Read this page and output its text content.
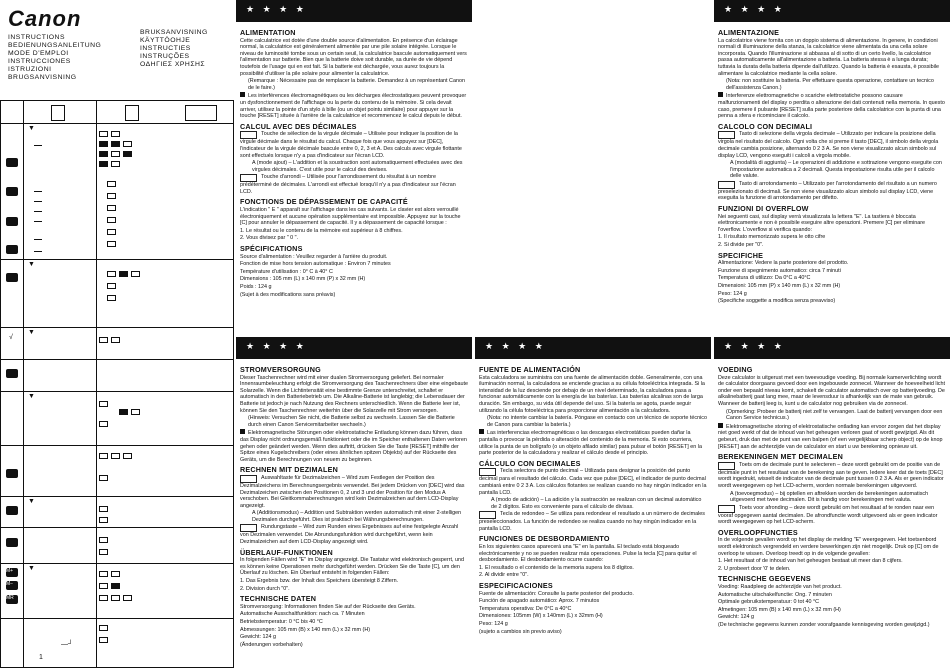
Canon
INSTRUCTIONS
BEDIENUNGSANLEITUNG
MODE D'EMPLOI
INSTRUCCIONES
ISTRUZIONI
BRUGSANVISNING
BRUKSANVISNING
KÄYTTÖOHJE
INSTRUCTIES
INSTRUÇÕES
ΟΔΗΓΙΕΣ ΧΡΗΣΗΣ
√
▼
▼
▼
▼
▼
▼
—┘
1
★ ★ ★ ★
ALIMENTATION

Cette calculatrice est dotée d'une double source d'alimentation. En présence d'un éclairage normal, la calculatrice est généralement alimentée par une pile solaire intégrée. Lorsque le niveau de luminosité tombe sous un certain seuil, la calculatrice bascule automatiquement vers l'alimentation sur batterie. Bien que la batterie doive soit durable, sa durée de vie dépend toutefois de l'usage qui en est fait. Si la batterie est déchargée, vous aurez toujours la possibilité d'utiliser la pile solaire pour alimenter la calculatrice.

(Remarque : Nécessaire pas de remplacer la batterie. Demandez à un représentant Canon de le faire.)

Les interférences électromagnétiques ou les décharges électrostatiques peuvent provoquer un dysfonctionnement de l'affichage ou la perte du contenu de la mémoire. Si cela devait arriver, utilisez la pointe d'un stylo à bille (ou un objet pointu similaire) pour appuyer sur la touche [RESET] située à l'arrière de la calculatrice et recommencez le calcul depuis le début.

CALCUL AVEC DES DÉCIMALES

Touche de sélection de la virgule décimale – Utilisée pour indiquer la position de la virgule décimale dans le résultat du calcul. Chaque fois que vous appuyez sur [DEC], l'indicateur de la virgule décimale bascule entre 0, 2, 3 et A. Des calculs avec virgule flottante sont effectués lorsque n'y a pas d'indicateur sur l'écran LCD.

A (mode ajout) – L'addition et la soustraction sont automatiquement effectuées avec des virgules décimales. C'est utile pour le calcul des devises.

Touche d'arrondi – Utilisée pour l'arrondissement du résultat à un nombre prédéterminé de décimales. L'arrondi est effectué lorsqu'il n'y a pas d'indicateur sur l'écran LCD.

FONCTIONS DE DÉPASSEMENT DE CAPACITÉ

L'indication " E " apparaît sur l'affichage dans les cas suivants. Le clavier est alors verrouillé électroniquement et aucune opération supplémentaire est impossible. Appuyez sur la touche [C] pour annuler le dépassement de capacité. Il y a dépassement de capacité lorsque :

1. Le résultat ou le contenu de la mémoire est supérieur à 8 chiffres.

2. Vous divisez par " 0 ".

SPÉCIFICATIONS

Source d'alimentation : Veuillez regarder à l'arrière du produit.

Fonction de mise hors tension automatique : Environ 7 minutes

Température d'utilisation : 0° C à 40° C

Dimensions : 105 mm (L) x 140 mm (P) x 32 mm (H)

Poids : 124 g

(Sujet à des modifications sans préavis)

★ ★ ★ ★
ALIMENTAZIONE

La calcolatrice viene fornita con un doppio sistema di alimentazione. In genere, in condizioni normali di illuminazione della stanza, la calcolatrice viene alimentata da una cella solare incorporata. Quando l'illuminazione si abbassa al di sotto di un certo livello, la calcolatrice passa automaticamente all'alimentazione a batteria. La batteria stessa è a lunga durata; tuttavia la durata della batteria dipende dall'utilizzo. Quando la batteria è esausta, è possibile alimentare la calcolatrice mediante la cella solare.

(Nota: non sostituire la batteria. Per effettuare questa operazione, contattare un tecnico dell'assistenza Canon.)

Interferenze elettromagnetiche o scariche elettrostatiche possono causare malfunzionamenti del display o perdita o alterazione dei dati contenuti nella memoria. In questo caso, premere il pulsante [RESET] sulla parte posteriore della calcolatrice con la punta di una penna a sfera e ricominciare il calcolo.

CALCOLO CON DECIMALI

Tasto di selezione della virgola decimale – Utilizzato per indicare la posizione della virgola nel risultato del calcolo. Ogni volta che si preme il tasto [DEC], il simbolo della virgola decimale cambia posizione, alternando 0 2 3 A. Se non viene visualizzato alcun simbolo sul display LCD, vengono eseguiti i calcoli a virgola mobile.

A (modalità di aggiunta) – Le operazioni di addizione e sottrazione vengono eseguite con l'impostazione automatica a 2 decimali. Questa impostazione risulta utile per il calcolo delle valute.

Tasto di arrotondamento – Utilizzato per l'arrotondamento del risultato a un numero preselezionato di decimali. Se non viene visualizzato alcun simbolo sul display LCD, viene eseguita la funzione di arrotondamento per difetto.

FUNZIONI DI OVERFLOW

Nei seguenti casi, sul display verrà visualizzata la lettera "E". La tastiera è bloccata elettronicamente e non è possibile eseguire altre operazioni. Premere [C] per eliminare l'overflow. L'overflow si verifica quando:

1. Il risultato memorizzato supera le otto cifre

2. Si divide per "0".

SPECIFICHE

Alimentazione: Vedere la parte posteriore del prodotto.

Funzione di spegnimento automatico: circa 7 minuti

Temperatura di utilizzo: Da 0°C a 40°C

Dimensioni: 105 mm (P) x 140 mm (L) x 32 mm (H)

Peso: 124 g

(Specifiche soggette a modifica senza preavviso)

★ ★ ★ ★
STROMVERSORGUNG

Dieser Taschenrechner wird mit einer dualen Stromversorgung geliefert. Bei normaler Innenraumbeleuchtung erfolgt die Stromversorgung des Taschenrechners über eine eingebaute Solarzelle. Wenn die Lichtintensität eine bestimmte Grenze unterschreitet, schaltet er automatisch in den Batteriebetrieb um. Die Alkaline-Batterie ist langlebig; die Lebensdauer der Batterie ist jedoch je nach Nutzung des Rechners unterschiedlich. Wenn die Batterie leer ist, können Sie den Taschenrechner weiterhin über die Solarzelle mit Strom versorgen.

(Hinweis: Versuchen Sie nicht, die Batterie selbst zu wechseln. Lassen Sie die Batterie durch einen Canon Servicemitarbeiter wechseln.)

Elektromagnetische Störungen oder elektrostatische Entladung können dazu führen, dass das Display nicht ordnungsgemäß funktioniert oder die im Speicher enthaltenen Daten verloren gehen oder geändert werden. Wenn dies auftritt, drücken Sie die Taste [RESET] mithilfe der Spitze eines Kugelschreibers (oder eines ähnlichen spitzen Objekts) auf der Rückseite des Geräts, um die Berechnungen von neuem zu beginnen.

RECHNEN MIT DEZIMALEN

Auswahltaste für Dezimalzeichen – Wird zum Festlegen der Position des Dezimalzeichens im Berechnungsergebnis verwendet. Bei jedem Drücken von [DEC] wird das Dezimalzeichen zwischen den Positionen 0, 2 und 3 und der Position für den Modus A verschoben. Bei Gleitkommaberechnungen wird kein Dezimalzeichen auf dem LCD-Display angezeigt.

A (Additionsmodus) – Addition und Subtraktion werden automatisch mit einer 2-stelligen Dezimalen durchgeführt. Dies ist praktisch bei Währungsberechnungen.

Rundungstaste – Wird zum Runden eines Ergebnisses auf eine festgelegte Anzahl von Dezimalen verwendet. Die Abrundungsfunktion wird durchgeführt, wenn kein Dezimalzeichen auf dem LCD-Display angezeigt wird.

ÜBERLAUF-FUNKTIONEN

In folgenden Fällen wird "E" im Display angezeigt. Die Tastatur wird elektronisch gesperrt, und es können keine Operationen mehr durchgeführt werden. Drücken Sie die Taste [C], um den Überlauf zu löschen. Ein Überlauf entsteht in folgenden Fällen:

1. Das Ergebnis bzw. der Inhalt des Speichers übersteigt 8 Ziffern.

2. Division durch "0".

TECHNISCHE DATEN

Stromversorgung: Informationen finden Sie auf der Rückseite des Geräts.

Automatische Ausschaltfunktion: nach ca. 7 Minuten

Betriebstemperatur: 0 °C bis 40 °C

Abmessungen: 105 mm (B) x 140 mm (L) x 32 mm (H)

Gewicht: 124 g

(Änderungen vorbehalten)

★ ★ ★ ★
FUENTE DE ALIMENTACIÓN

Esta calculadora se suministra con una fuente de alimentación doble. Generalmente, con una iluminación normal, la calculadora se enciende gracias a su célula fotoeléctrica integrada. Si la intensidad de la luz desciende por debajo de un nivel determinado, la calculadora pasa a funcionar automáticamente con la energía de las baterías. Las baterías alcalinas son de larga duración. Sin embargo, su vida útil depende del uso. Si la batería se agota, puede seguir utilizando la célula fotoeléctrica para proporcionar alimentación a la calculadora.

(Nota: no intente cambiar la batería. Póngase en contacto con un técnico de soporte técnico de Canon para cambiar la batería.)

Las interferencias electromagnéticas o las descargas electrostáticas pueden dañar la pantalla o provocar la pérdida o alteración del contenido de la memoria. Si esto ocurriera, utilice la punta de un bolígrafo (o un objeto afilado similar) para pulsar el botón [RESET] en la parte posterior de la calculadora y realizar el cálculo desde el principio.

CÁLCULO CON DECIMALES

Tecla selectora de punto decimal – Utilizada para designar la posición del punto decimal para el resultado del cálculo. Cada vez que pulse [DEC], el indicador de punto decimal cambiará entre 0 2 3 A. Los cálculos flotantes se realizan cuando no hay ningún indicador en la pantalla LCD.

A (modo de adición) – La adición y la sustracción se realizan con un decimal automático de 2 dígitos. Esto es conveniente para el cálculo de divisas.

Tecla de redondeo – Se utiliza para redondear el resultado a un número de decimales preseleccionados. La función de redondeo se realiza cuando no hay ningún indicador en la pantalla LCD.

FUNCIONES DE DESBORDAMIENTO

En los siguientes casos aparecerá una "E" en la pantalla. El teclado está bloqueado electrónicamente y no se pueden realizar más operaciones. Pulse la tecla [C] para quitar el desbordamiento. El desbordamiento ocurre cuando:

1. El resultado o el contenido de la memoria supera los 8 dígitos.

2. Al dividir entre "0".

ESPECIFICACIONES

Fuente de alimentación: Consulte la parte posterior del producto.

Función de apagado automático: Aprox. 7 minutos

Temperatura operativa: De 0°C a 40°C

Dimensiones: 105mm (W) x 140mm (L) x 32mm (H)

Peso: 124 g

(sujeto a cambios sin previo aviso)

★ ★ ★ ★
VOEDING

Deze calculator is uitgerust met een tweevoudige voeding. Bij normale kamerverlichting wordt de calculator doorgaans gevoed door een ingebouwde zonnecel. Wanneer de hoeveelheid licht onder een bepaald niveau komt, schakelt de calculator automatisch over op batterijvoeding. De alkalinebatterij gaat lang mee, maar de levensduur is afhankelijk van de mate van gebruik. Wanneer de batterij leeg is, kunt u de calculator nog gebruiken via de zonnecel.

(Opmerking: Probeer de batterij niet zelf te vervangen. Laat de batterij vervangen door een Canon Service technicus.)

Elektromagnetische storing of elektrostatische ontlading kan ervoor zorgen dat het display niet goed werkt of dat de inhoud van het geheugen verloren gaat of wordt gewijzigd. Als dit gebeurt, druk dan met de punt van een balpen (of een vergelijkbaar scherp object) op de knop [RESET] aan de achterzijde van de calculator en start u uw berekening opnieuw uit.

BEREKENINGEN MET DECIMALEN

Toets om de decimale punt te selecteren – deze wordt gebruikt om de positie van de decimale punt in het resultaat van de berekening aan te geven. Iedere keer dat de toets [DEC] wordt ingedrukt, wisselt de indicator van de decimale punt tussen 0 2 3 A. Als er geen indicator wordt weergegeven op het LCD-scherm, worden normale berekeningen uitgevoerd.

A (toevoegmodus) – bij optellen en aftrekken worden de berekeningen automatisch uitgevoerd met twee decimalen. Dit is handig voor berekeningen met valuta.

Toets voor afronding – deze wordt gebruikt om het resultaat af te ronden naar een vooraf opgegeven aantal decimalen. De afrondfunctie wordt uitgevoerd als er geen indicator wordt weergegeven op het LCD-scherm.

OVERLOOPFUNCTIES

In de volgende gevallen wordt op het display de melding "E" weergegeven. Het toetsenbord wordt elektronisch vergrendeld en verdere bewerkingen zijn niet mogelijk. Druk op [C] om de overloop te wissen. Overloop treedt op in de volgende gevallen:

1. Het resultaat of de inhoud van het geheugen bestaat uit meer dan 8 cijfers.

2. U probeert door '0' te delen.

TECHNISCHE GEGEVENS

Voeding: Raadpleeg de achterzijde van het product.

Automatische uitschakelfunctie: Ong. 7 minuten

Optimale gebruikstemperatuur: 0 tot 40 °C

Afmetingen: 105 mm (B) x 140 mm (L) x 32 mm (H)

Gewicht: 124 g

(De technische gegevens kunnen zonder voorafgaande kennisgeving worden gewijzigd.)

M+
M−
MR
